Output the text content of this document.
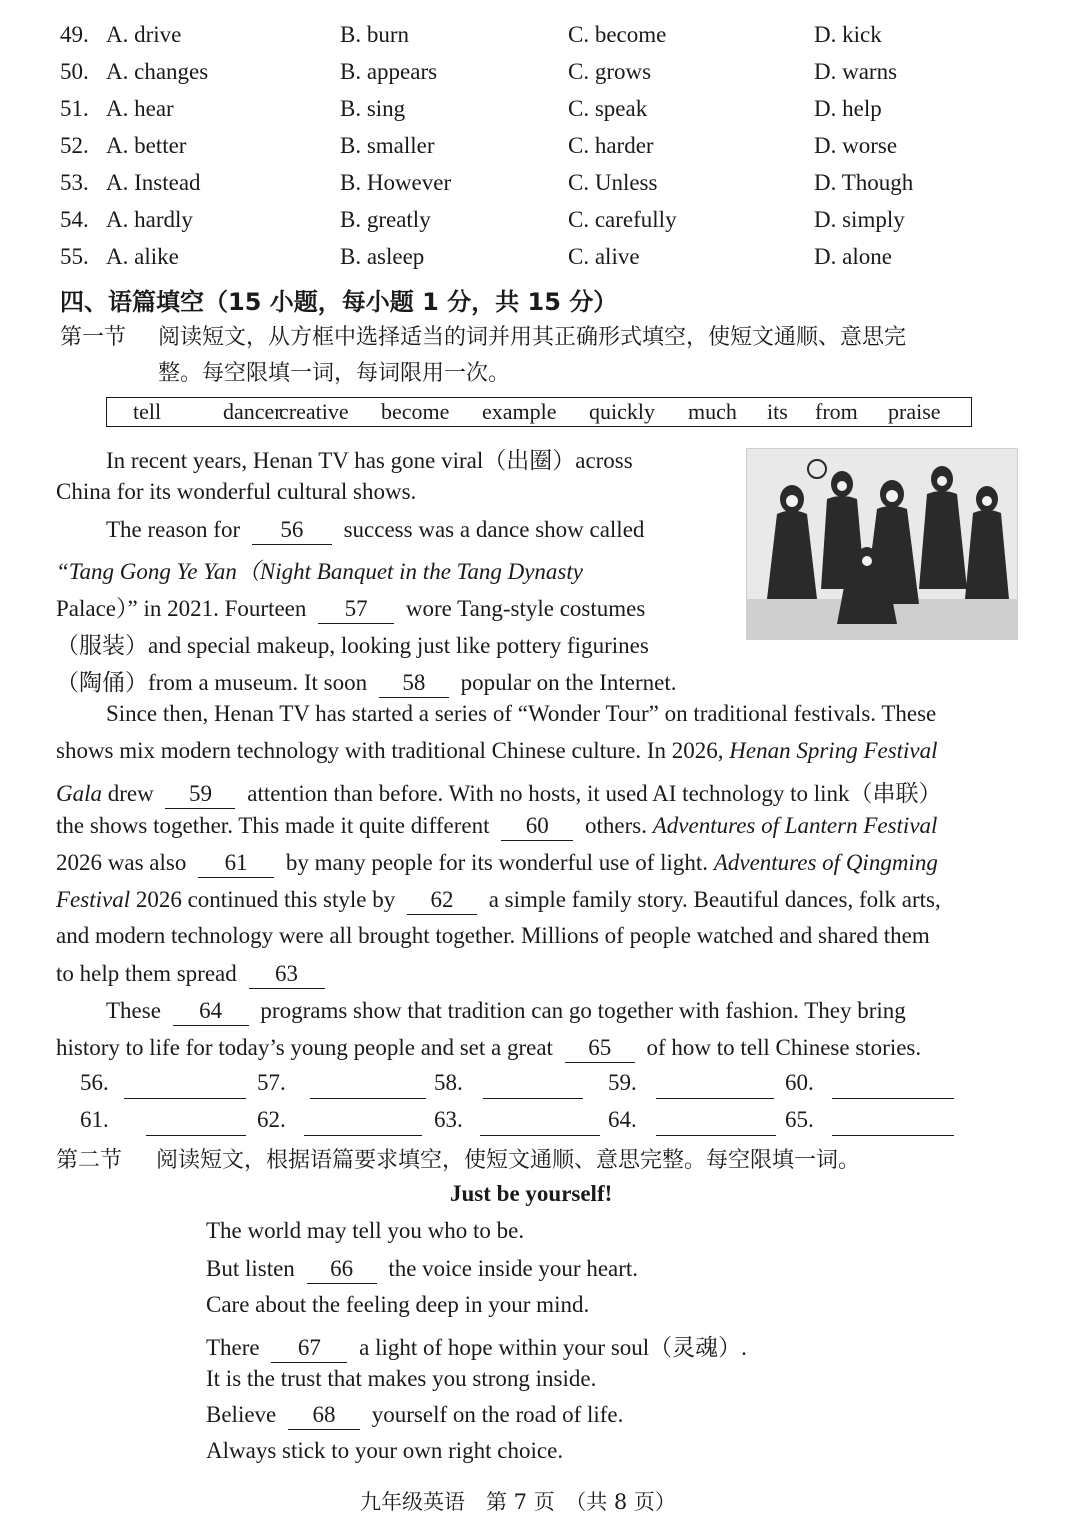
49. A. drive	B. burn	C. become	D. kick
50. A. changes	B. appears	C. grows	D. warns
51. A. hear	B. sing	C. speak	D. help
52. A. better	B. smaller	C. harder	D. worse
53. A. Instead	B. However	C. Unless	D. Though
54. A. hardly	B. greatly	C. carefully	D. simply
55. A. alike	B. asleep	C. alive	D. alone
四、语篇填空（15 小题，每小题 1 分，共 15 分）
第一节 阅读短文，从方框中选择适当的词并用其正确形式填空，使短文通顺、意思完
整。每空限填一词，每词限用一次。
tell	dancer
creative become example quickly much its from praise
In recent years, Henan TV has gone viral（出圈）across
China for its wonderful cultural shows.
The reason for 56 success was a dance show called
“Tang Gong Ye Yan（Night Banquet in the Tang Dynasty
Palace）” in 2021. Fourteen 57 wore Tang-style costumes
（服装）and special makeup, looking just like pottery figurines
（陶俑）from a museum. It soon 58 popular on the Internet.
Since then, Henan TV has started a series of “Wonder Tour” on traditional festivals. These
shows mix modern technology with traditional Chinese culture. In 2026, Henan Spring Festival
Gala drew 59 attention than before. With no hosts, it used AI technology to link（串联）
the shows together. This made it quite different 60 others. Adventures of Lantern Festival
2026 was also 61 by many people for its wonderful use of light. Adventures of Qingming
Festival 2026 continued this style by 62 a simple family story. Beautiful dances, folk arts,
and modern technology were all brought together. Millions of people watched and shared them
to help them spread 63
These 64 programs show that tradition can go together with fashion. They bring
history to life for today’s young people and set a great 65 of how to tell Chinese stories.
56.	57.	58.	59.	60.
61.	62.	63.	64.	65.
第二节 阅读短文，根据语篇要求填空，使短文通顺、意思完整。每空限填一词。
Just be yourself!
The world may tell you who to be.
But listen 66 the voice inside your heart.
Care about the feeling deep in your mind.
There 67 a light of hope within your soul（灵魂）.
It is the trust that makes you strong inside.
Believe 68 yourself on the road of life.
Always stick to your own right choice.
九年级英语　第 7 页　（共 8 页）
